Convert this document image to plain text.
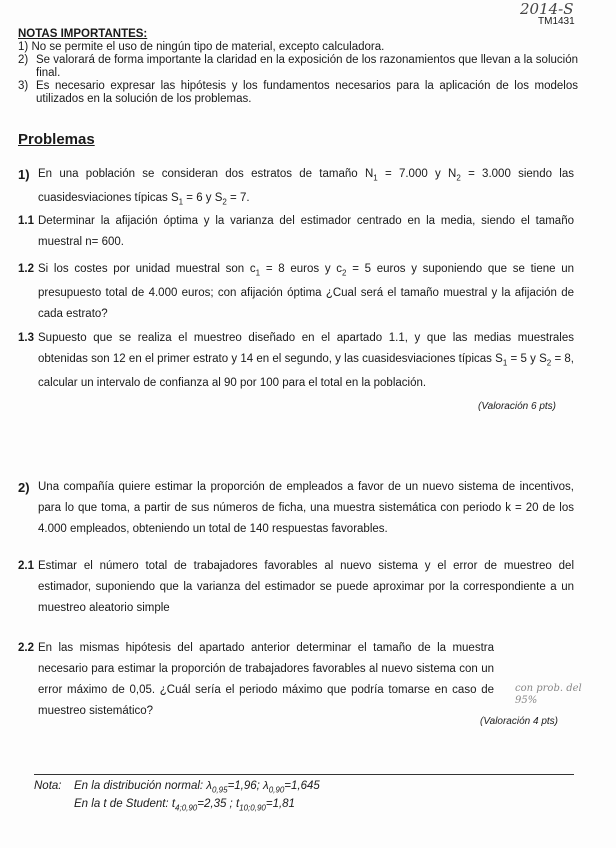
2014-S
TM1431
NOTAS IMPORTANTES:
1) No se permite el uso de ningún tipo de material, excepto calculadora.
2) Se valorará de forma importante la claridad en la exposición de los razonamientos que llevan a la solución final.
3) Es necesario expresar las hipótesis y los fundamentos necesarios para la aplicación de los modelos utilizados en la solución de los problemas.
Problemas
1) En una población se consideran dos estratos de tamaño $N_1 = 7.000$ y $N_2 = 3.000$ siendo las cuasidesviaciones típicas $S_1 = 6$ y $S_2 = 7$.
1.1 Determinar la afijación óptima y la varianza del estimador centrado en la media, siendo el tamaño muestral n= 600.
1.2 Si los costes por unidad muestral son $c_1 = 8$ euros y $c_2 = 5$ euros y suponiendo que se tiene un presupuesto total de 4.000 euros; con afijación óptima ¿Cual será el tamaño muestral y la afijación de cada estrato?
1.3 Supuesto que se realiza el muestreo diseñado en el apartado 1.1, y que las medias muestrales obtenidas son 12 en el primer estrato y 14 en el segundo, y las cuasidesviaciones típicas $S_1 = 5$ y $S_2 = 8$, calcular un intervalo de confianza al 90 por 100 para el total en la población.
(Valoración 6 pts)
2) Una compañía quiere estimar la proporción de empleados a favor de un nuevo sistema de incentivos, para lo que toma, a partir de sus números de ficha, una muestra sistemática con periodo k = 20 de los 4.000 empleados, obteniendo un total de 140 respuestas favorables.
2.1 Estimar el número total de trabajadores favorables al nuevo sistema y el error de muestreo del estimador, suponiendo que la varianza del estimador se puede aproximar por la correspondiente a un muestreo aleatorio simple
2.2 En las mismas hipótesis del apartado anterior determinar el tamaño de la muestra necesario para estimar la proporción de trabajadores favorables al nuevo sistema con un error máximo de 0,05. ¿Cuál sería el periodo máximo que podría tomarse en caso de muestreo sistemático?
con prob. del 95%
(Valoración 4 pts)
Nota: En la distribución normal: $\lambda_{0,95}=1,96$; $\lambda_{0,90}=1,645$
En la t de Student: $t_{4;0,90}=2,35$ ; $t_{10;0,90}=1,81$
